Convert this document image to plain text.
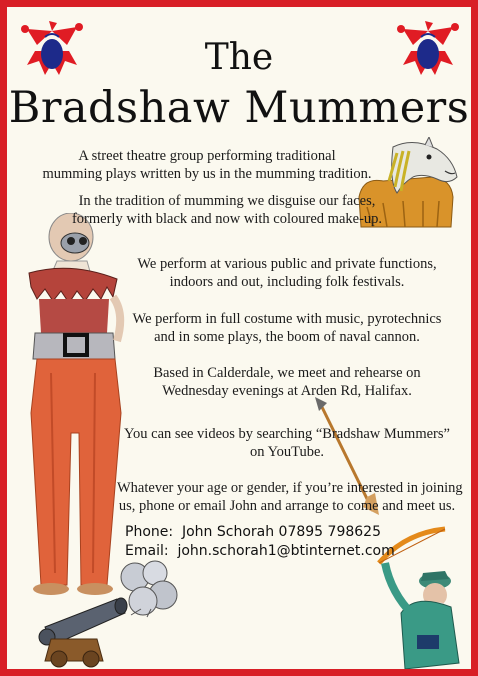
The
Bradshaw Mummers
A street theatre group performing traditional
mumming plays written by us in the mumming tradition.
In the tradition of mumming we disguise our faces,
formerly with black and now with coloured make-up.
We perform at various public and private functions,
indoors and out, including folk festivals.
We perform in full costume with music, pyrotechnics
and in some plays, the boom of naval cannon.
Based in Calderdale, we meet and rehearse on
Wednesday evenings at Arden Rd, Halifax.
You can see videos by searching “Bradshaw Mummers”
on YouTube.
Whatever your age or gender, if you’re interested in joining
us, phone or email John and arrange to come and meet us.
Phone:  John Schorah 07895 798625
Email:  john.schorah1@btinternet.com
